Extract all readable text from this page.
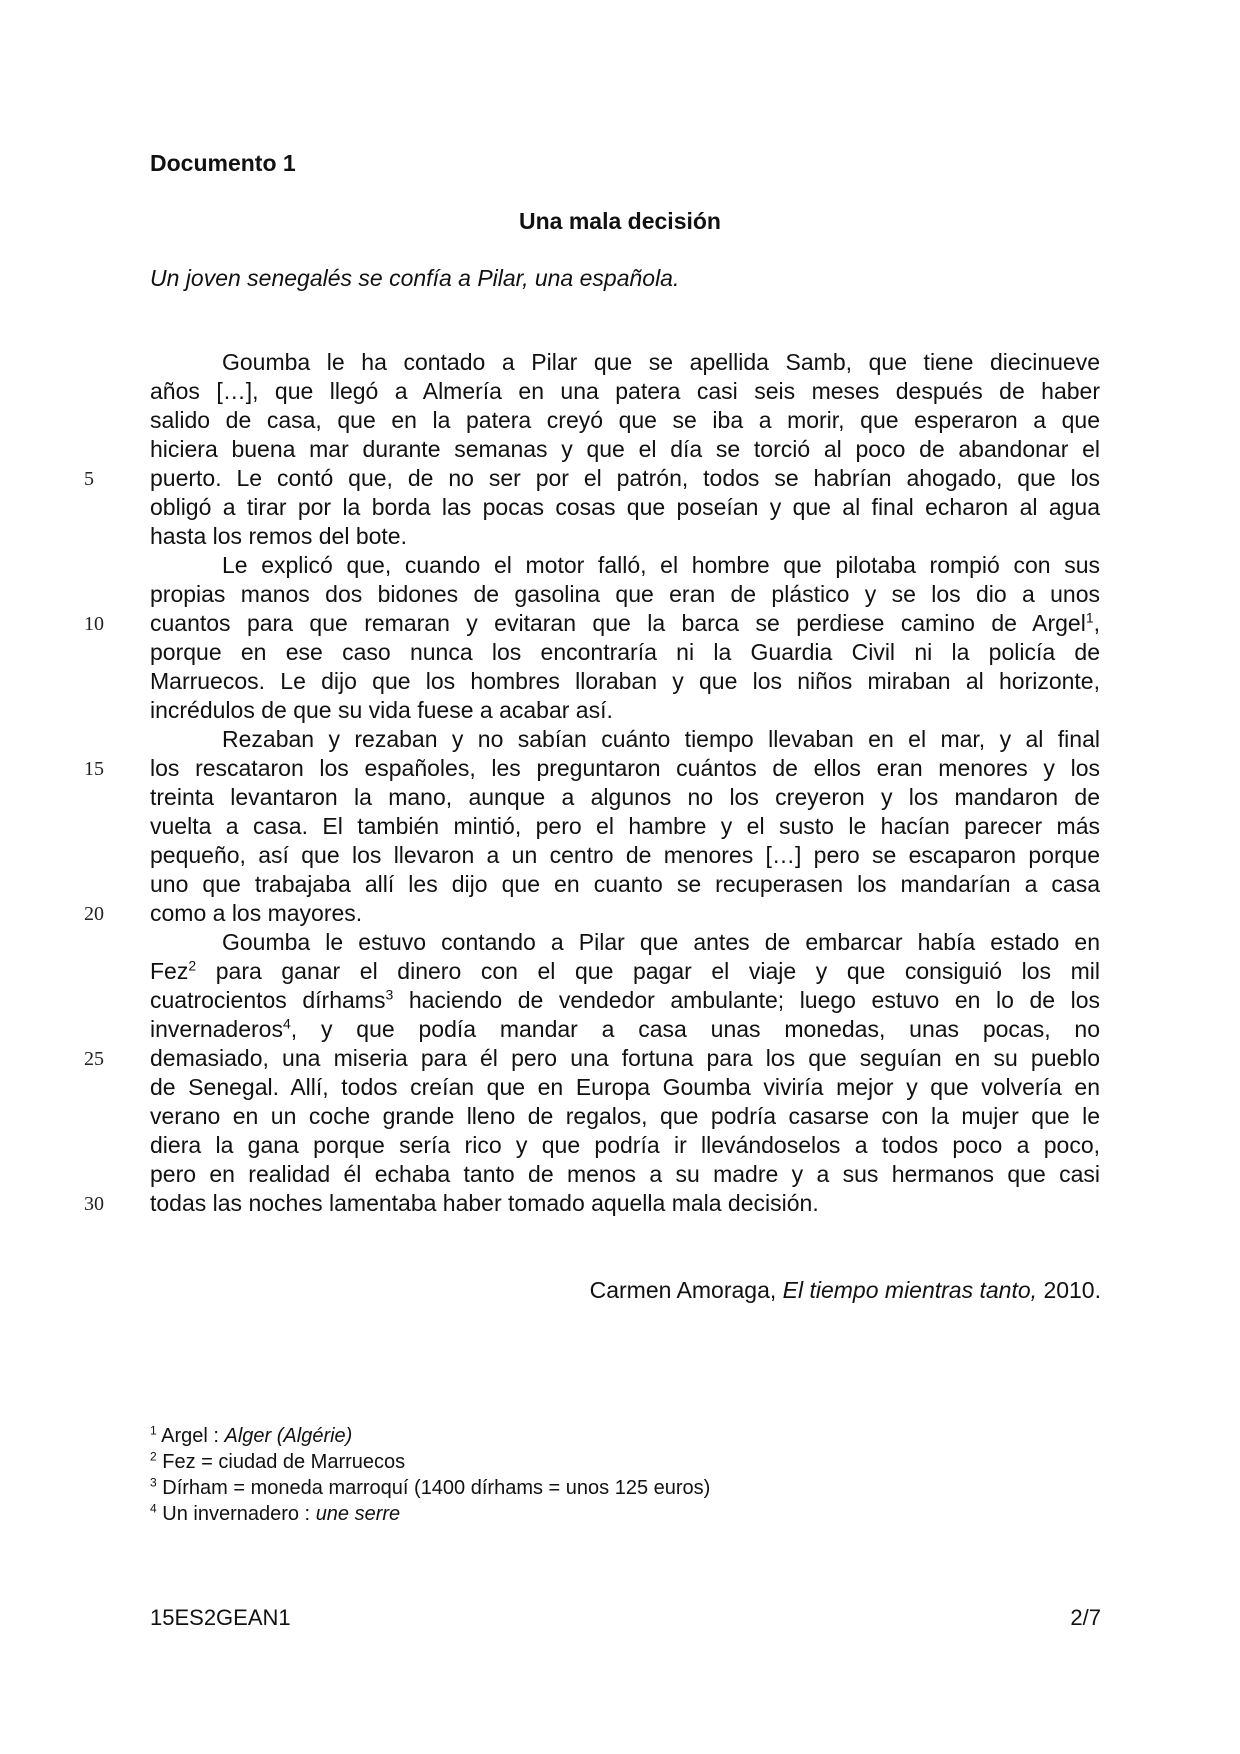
Documento 1
Una mala decisión
Un joven senegalés se confía a Pilar, una española.
Goumba le ha contado a Pilar que se apellida Samb, que tiene diecinueve
años […], que llegó a Almería en una patera casi seis meses después de haber
salido de casa, que en la patera creyó que se iba a morir, que esperaron a que
hiciera buena mar durante semanas y que el día se torció al poco de abandonar el
puerto. Le contó que, de no ser por el patrón, todos se habrían ahogado, que los
obligó a tirar por la borda las pocas cosas que poseían y que al final echaron al agua
hasta los remos del bote.
Le explicó que, cuando el motor falló, el hombre que pilotaba rompió con sus
propias manos dos bidones de gasolina que eran de plástico y se los dio a unos
cuantos para que remaran y evitaran que la barca se perdiese camino de Argel$^1$,
porque en ese caso nunca los encontraría ni la Guardia Civil ni la policía de
Marruecos. Le dijo que los hombres lloraban y que los niños miraban al horizonte,
incrédulos de que su vida fuese a acabar así.
Rezaban y rezaban y no sabían cuánto tiempo llevaban en el mar, y al final
los rescataron los españoles, les preguntaron cuántos de ellos eran menores y los
treinta levantaron la mano, aunque a algunos no los creyeron y los mandaron de
vuelta a casa. El también mintió, pero el hambre y el susto le hacían parecer más
pequeño, así que los llevaron a un centro de menores […] pero se escaparon porque
uno que trabajaba allí les dijo que en cuanto se recuperasen los mandarían a casa
como a los mayores.
Goumba le estuvo contando a Pilar que antes de embarcar había estado en
Fez$^2$ para ganar el dinero con el que pagar el viaje y que consiguió los mil
cuatrocientos dírhams$^3$ haciendo de vendedor ambulante; luego estuvo en lo de los
invernaderos$^4$, y que podía mandar a casa unas monedas, unas pocas, no
demasiado, una miseria para él pero una fortuna para los que seguían en su pueblo
de Senegal. Allí, todos creían que en Europa Goumba viviría mejor y que volvería en
verano en un coche grande lleno de regalos, que podría casarse con la mujer que le
diera la gana porque sería rico y que podría ir llevándoselos a todos poco a poco,
pero en realidad él echaba tanto de menos a su madre y a sus hermanos que casi
todas las noches lamentaba haber tomado aquella mala decisión.
5
10
15
20
25
30
Carmen Amoraga, El tiempo mientras tanto, 2010.
$^1$ Argel : Alger (Algérie)
$^2$ Fez = ciudad de Marruecos
$^3$ Dírham = moneda marroquí (1400 dírhams = unos 125 euros)
$^4$ Un invernadero : une serre
15ES2GEAN1	2/7
